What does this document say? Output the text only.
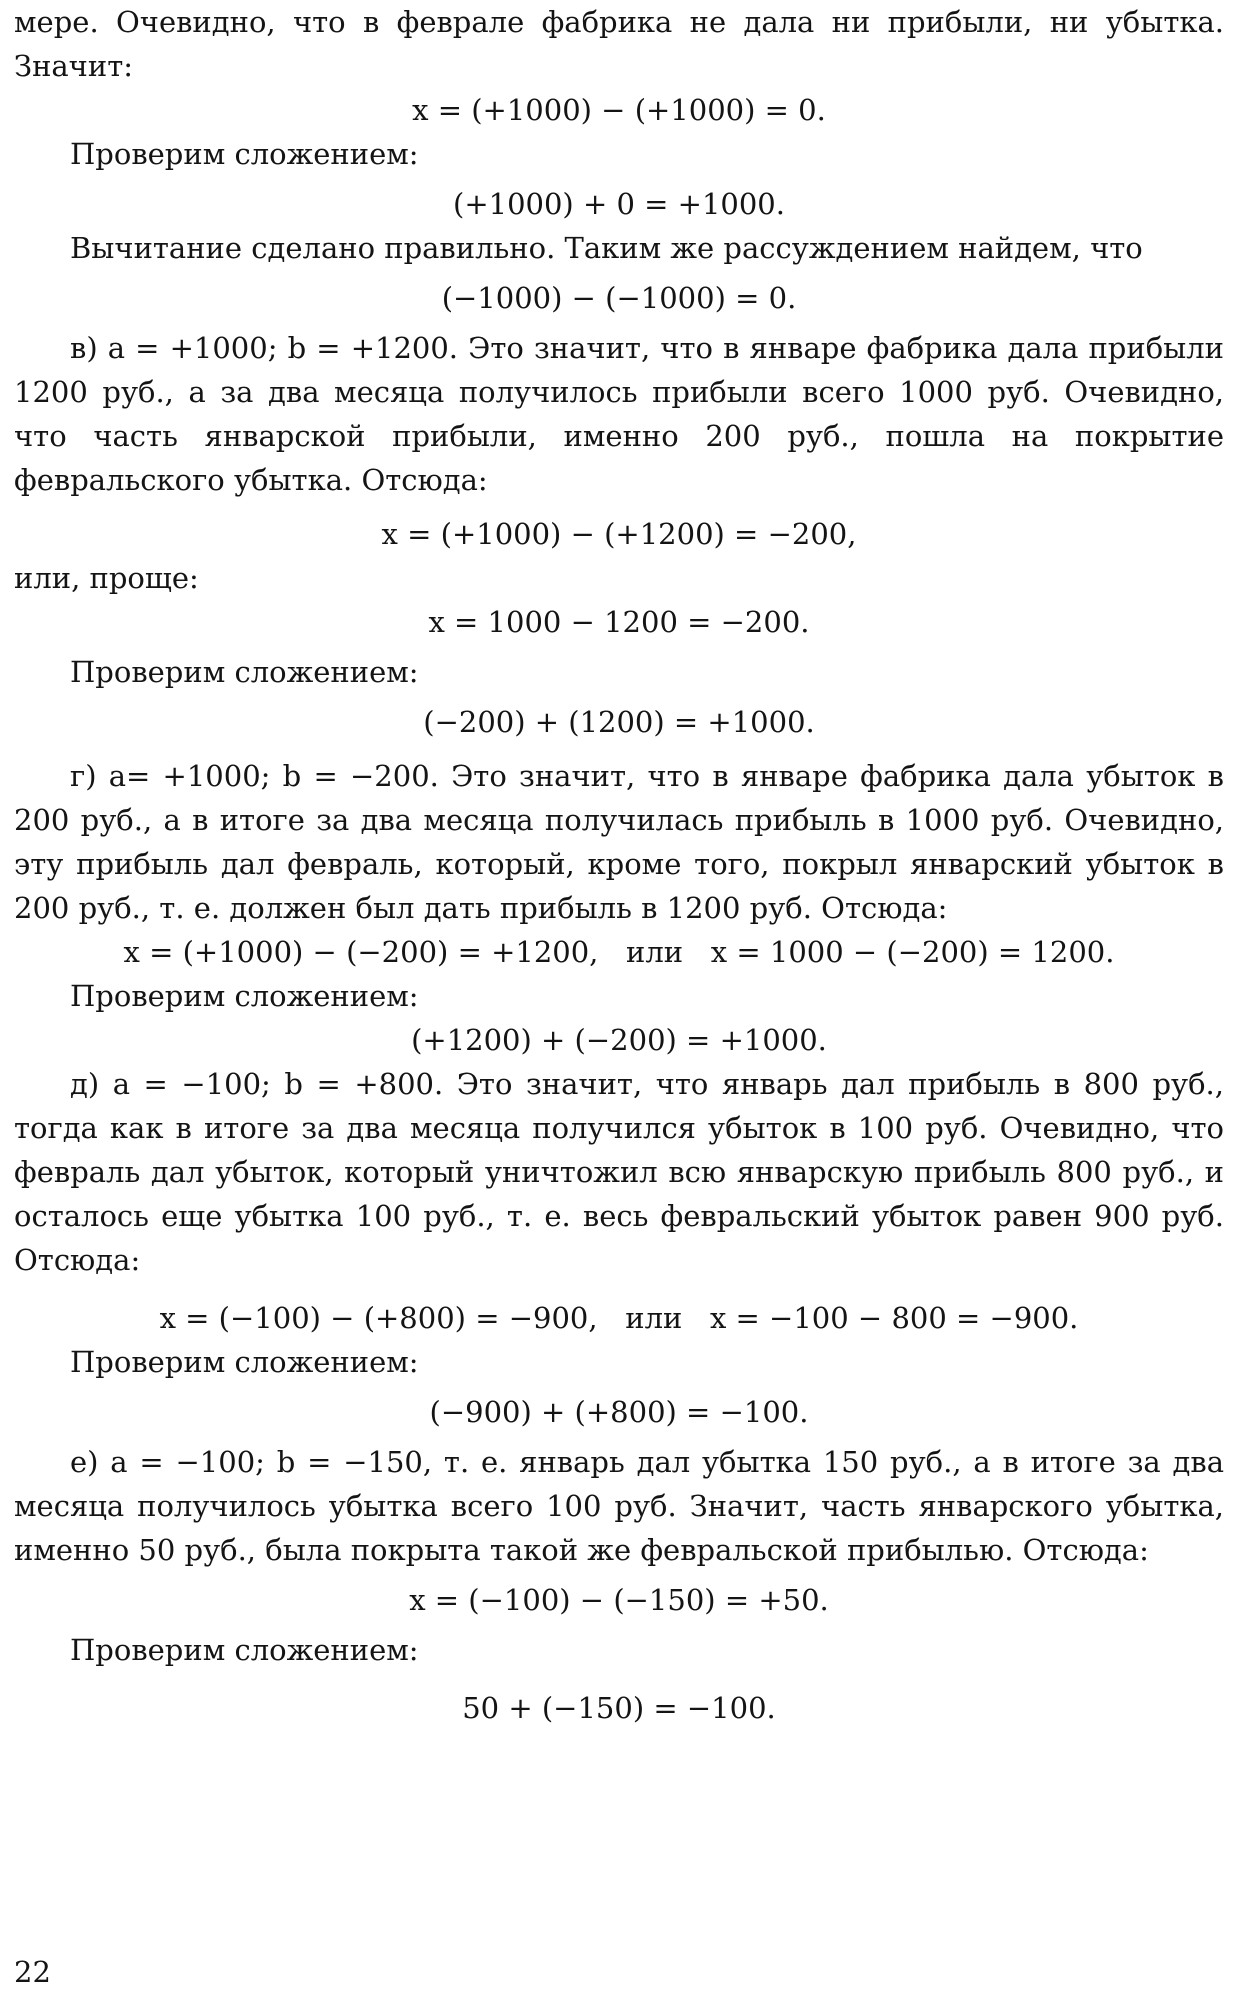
мере. Очевидно, что в феврале фабрика не дала ни прибыли, ни убытка. Значит:

x = (+1000) − (+1000) = 0.

Проверим сложением:

(+1000) + 0 = +1000.

Вычитание сделано правильно. Таким же рассуждением найдем, что

(−1000) − (−1000) = 0.

в) a = +1000; b = +1200. Это значит, что в январе фабрика дала прибыли 1200 руб., а за два месяца получилось прибыли всего 1000 руб. Очевидно, что часть январской прибыли, именно 200 руб., пошла на покрытие февральского убытка. Отсюда:

x = (+1000) − (+1200) = −200,

или, проще:

x = 1000 − 1200 = −200.

Проверим сложением:

(−200) + (1200) = +1000.

г) a= +1000; b = −200. Это значит, что в январе фабрика дала убыток в 200 руб., а в итоге за два месяца получилась прибыль в 1000 руб. Очевидно, эту прибыль дал февраль, который, кроме того, покрыл январский убыток в 200 руб., т. е. должен был дать прибыль в 1200 руб. Отсюда:

x = (+1000) − (−200) = +1200,   или   x = 1000 − (−200) = 1200.

Проверим сложением:

(+1200) + (−200) = +1000.

д) a = −100; b = +800. Это значит, что январь дал прибыль в 800 руб., тогда как в итоге за два месяца получился убыток в 100 руб. Очевидно, что февраль дал убыток, который уничтожил всю январскую прибыль 800 руб., и осталось еще убытка 100 руб., т. е. весь февральский убыток равен 900 руб. Отсюда:

x = (−100) − (+800) = −900,   или   x = −100 − 800 = −900.

Проверим сложением:

(−900) + (+800) = −100.

е) a = −100; b = −150, т. е. январь дал убытка 150 руб., а в итоге за два месяца получилось убытка всего 100 руб. Значит, часть январского убытка, именно 50 руб., была покрыта такой же февральской прибылью. Отсюда:

x = (−100) − (−150) = +50.

Проверим сложением:

50 + (−150) = −100.

22
